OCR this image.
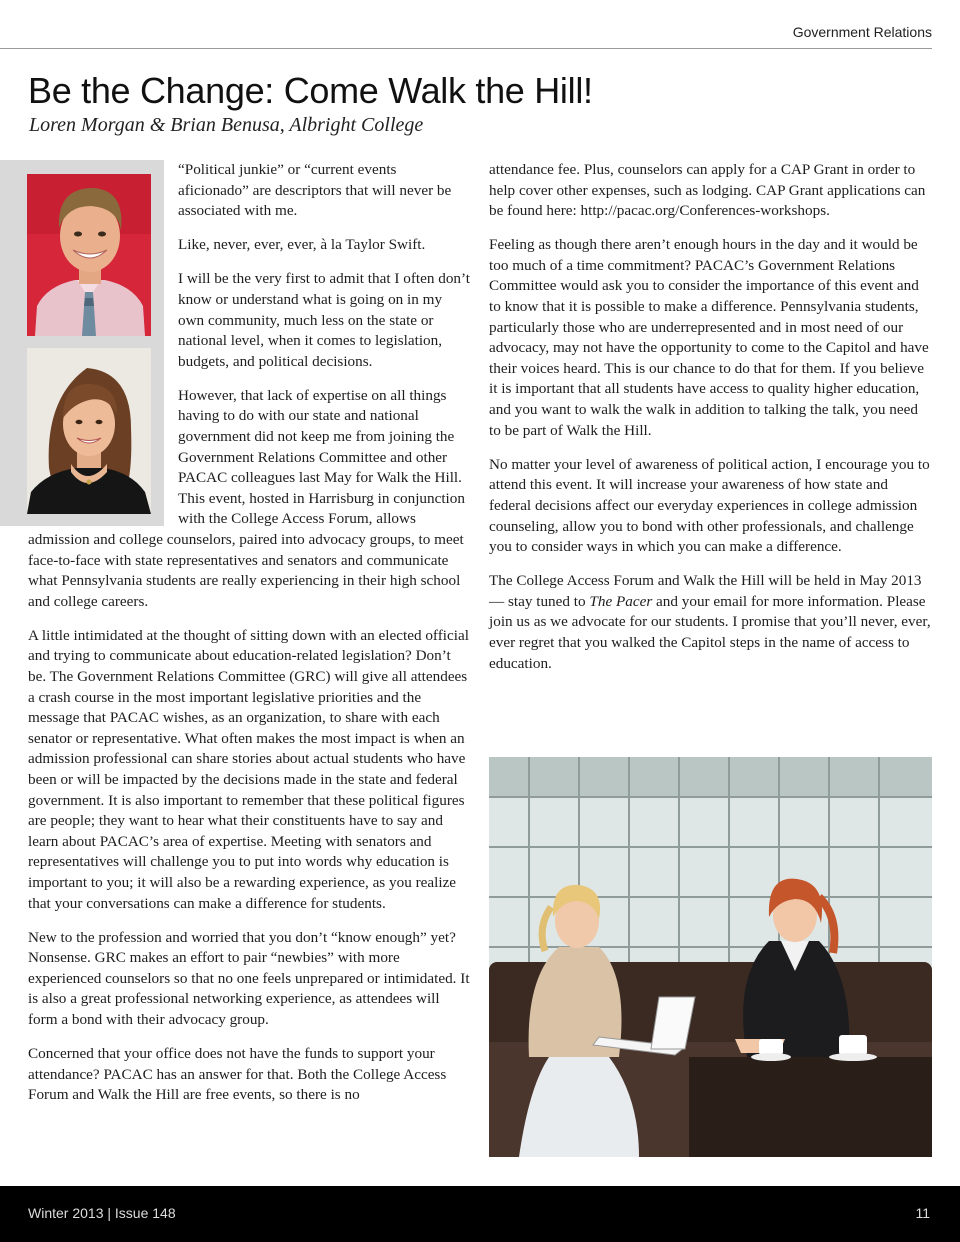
Government Relations
Be the Change: Come Walk the Hill!
Loren Morgan & Brian Benusa, Albright College

“Political junkie” or “current events aficionado” are descriptors that will never be associated with me.

Like, never, ever, ever, à la Taylor Swift.

I will be the very first to admit that I often don’t know or understand what is going on in my own community, much less on the state or national level, when it comes to legislation, budgets, and political decisions.

However, that lack of expertise on all things having to do with our state and national government did not keep me from joining the Government Relations Committee and other PACAC colleagues last May for Walk the Hill. This event, hosted in Harrisburg in conjunction with the College Access Forum, allows admission and college counselors, paired into advocacy groups, to meet face-to-face with state representatives and senators and communicate what Pennsylvania students are really experiencing in their high school and college careers.

A little intimidated at the thought of sitting down with an elected official and trying to communicate about education-related legislation? Don’t be. The Government Relations Committee (GRC) will give all attendees a crash course in the most important legislative priorities and the message that PACAC wishes, as an organization, to share with each senator or representative. What often makes the most impact is when an admission professional can share stories about actual students who have been or will be impacted by the decisions made in the state and federal government. It is also important to remember that these political figures are people; they want to hear what their constituents have to say and learn about PACAC’s area of expertise. Meeting with senators and representatives will challenge you to put into words why education is important to you; it will also be a rewarding experience, as you realize that your conversations can make a difference for students.

New to the profession and worried that you don’t “know enough” yet? Nonsense. GRC makes an effort to pair “newbies” with more experienced counselors so that no one feels unprepared or intimidated. It is also a great professional networking experience, as attendees will form a bond with their advocacy group.

Concerned that your office does not have the funds to support your attendance? PACAC has an answer for that. Both the College Access Forum and Walk the Hill are free events, so there is no

attendance fee. Plus, counselors can apply for a CAP Grant in order to help cover other expenses, such as lodging. CAP Grant applications can be found here: http://pacac.org/Conferences-workshops.

Feeling as though there aren’t enough hours in the day and it would be too much of a time commitment? PACAC’s Government Relations Committee would ask you to consider the importance of this event and to know that it is possible to make a difference. Pennsylvania students, particularly those who are underrepresented and in most need of our advocacy, may not have the opportunity to come to the Capitol and have their voices heard. This is our chance to do that for them. If you believe it is important that all students have access to quality higher education, and you want to walk the walk in addition to talking the talk, you need to be part of Walk the Hill.

No matter your level of awareness of political action, I encourage you to attend this event. It will increase your awareness of how state and federal decisions affect our everyday experiences in college admission counseling, allow you to bond with other professionals, and challenge you to consider ways in which you can make a difference.

The College Access Forum and Walk the Hill will be held in May 2013 — stay tuned to The Pacer and your email for more information. Please join us as we advocate for our students. I promise that you’ll never, ever, ever regret that you walked the Capitol steps in the name of access to education.

Winter 2013 | Issue 148	11
